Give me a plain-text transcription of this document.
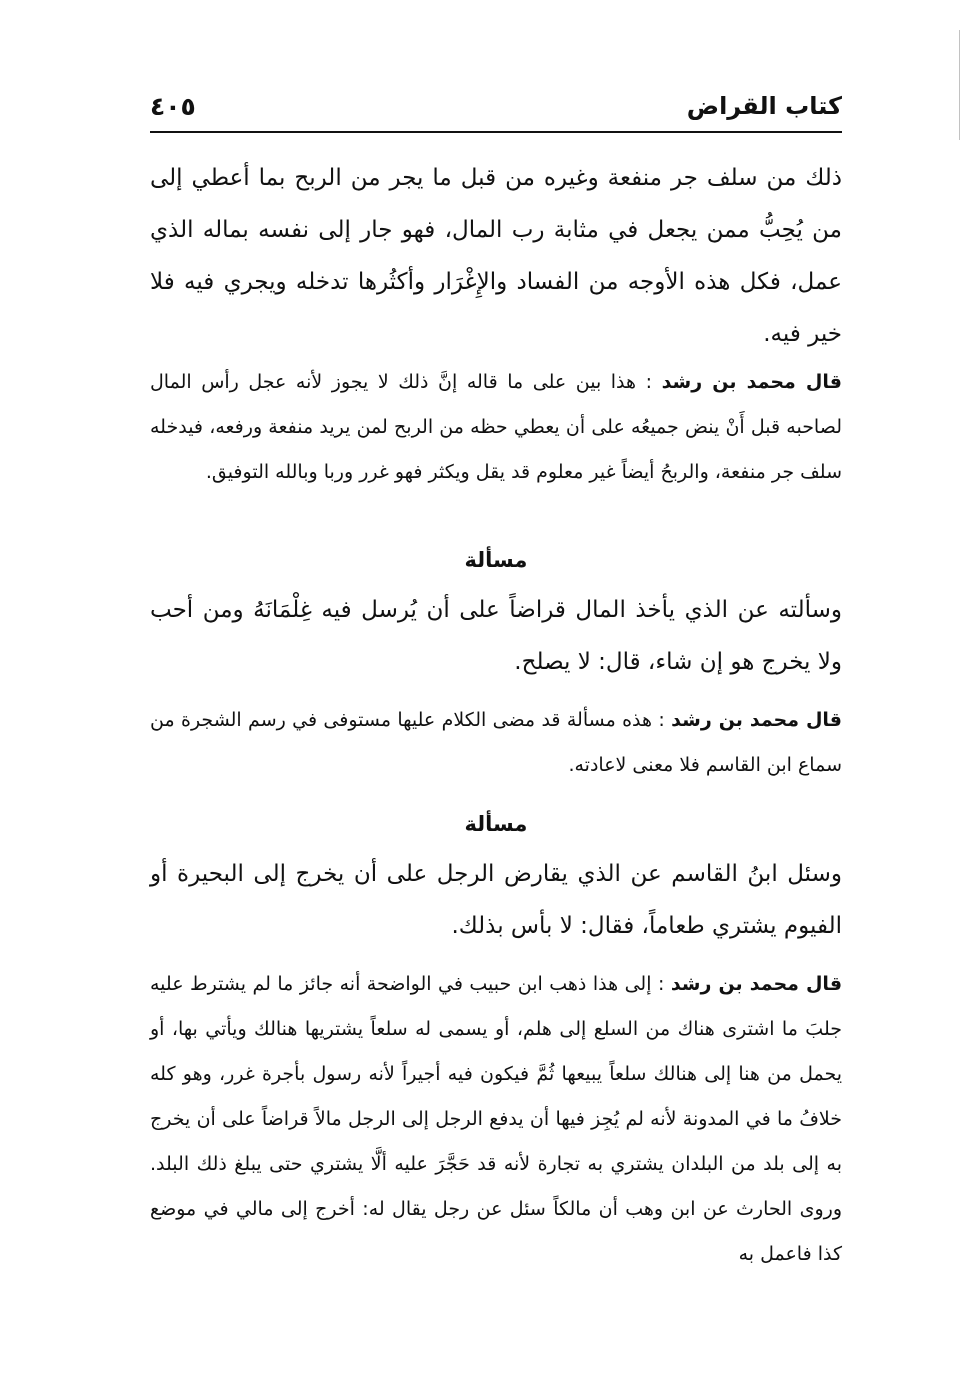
كتاب القراض
٤٠٥

ذلك من سلف جر منفعة وغيره من قبل ما يجر من الربح بما أعطي إلى من يُحِبُّ ممن يجعل في مثابة رب المال، فهو جار إلى نفسه بماله الذي عمل، فكل هذه الأوجه من الفساد والإِغْرَار وأكثُرها تدخله ويجري فيه فلا خير فيه.

قال محمد بن رشد : هذا بين على ما قاله إنَّ ذلك لا يجوز لأنه عجل رأس المال لصاحبه قبل أَنْ ينض جميعُه على أن يعطي حظه من الربح لمن يريد منفعة ورفعه، فيدخله سلف جر منفعة، والربحُ أيضاً غير معلوم قد يقل ويكثر فهو غرر وربا وبالله التوفيق.

مسألة

وسألته عن الذي يأخذ المال قراضاً على أن يُرسل فيه غِلْمَانَهُ ومن أحب ولا يخرج هو إن شاء، قال: لا يصلح.

قال محمد بن رشد : هذه مسألة قد مضى الكلام عليها مستوفى في رسم الشجرة من سماع ابن القاسم فلا معنى لاعادته.

مسألة

وسئل ابنُ القاسم عن الذي يقارض الرجل على أن يخرج إلى البحيرة أو الفيوم يشتري طعاماً، فقال: لا بأس بذلك.

قال محمد بن رشد : إلى هذا ذهب ابن حبيب في الواضحة أنه جائز ما لم يشترط عليه جلبَ ما اشترى هناك من السلع إلى هلم، أو يسمى له سلعاً يشتريها هنالك ويأتي بها، أو يحمل من هنا إلى هنالك سلعاً يبيعها ثُمَّ فيكون فيه أجيراً لأنه رسول بأجرة غرر، وهو كله خلافُ ما في المدونة لأنه لم يُجِز فيها أن يدفع الرجل إلى الرجل مالاً قراضاً على أن يخرج به إلى بلد من البلدان يشتري به تجارة لأنه قد حَجَّرَ عليه ألَّا يشتري حتى يبلغ ذلك البلد. وروى الحارث عن ابن وهب أن مالكاً سئل عن رجل يقال له: أخرج إلى مالي في موضع كذا فاعمل به
